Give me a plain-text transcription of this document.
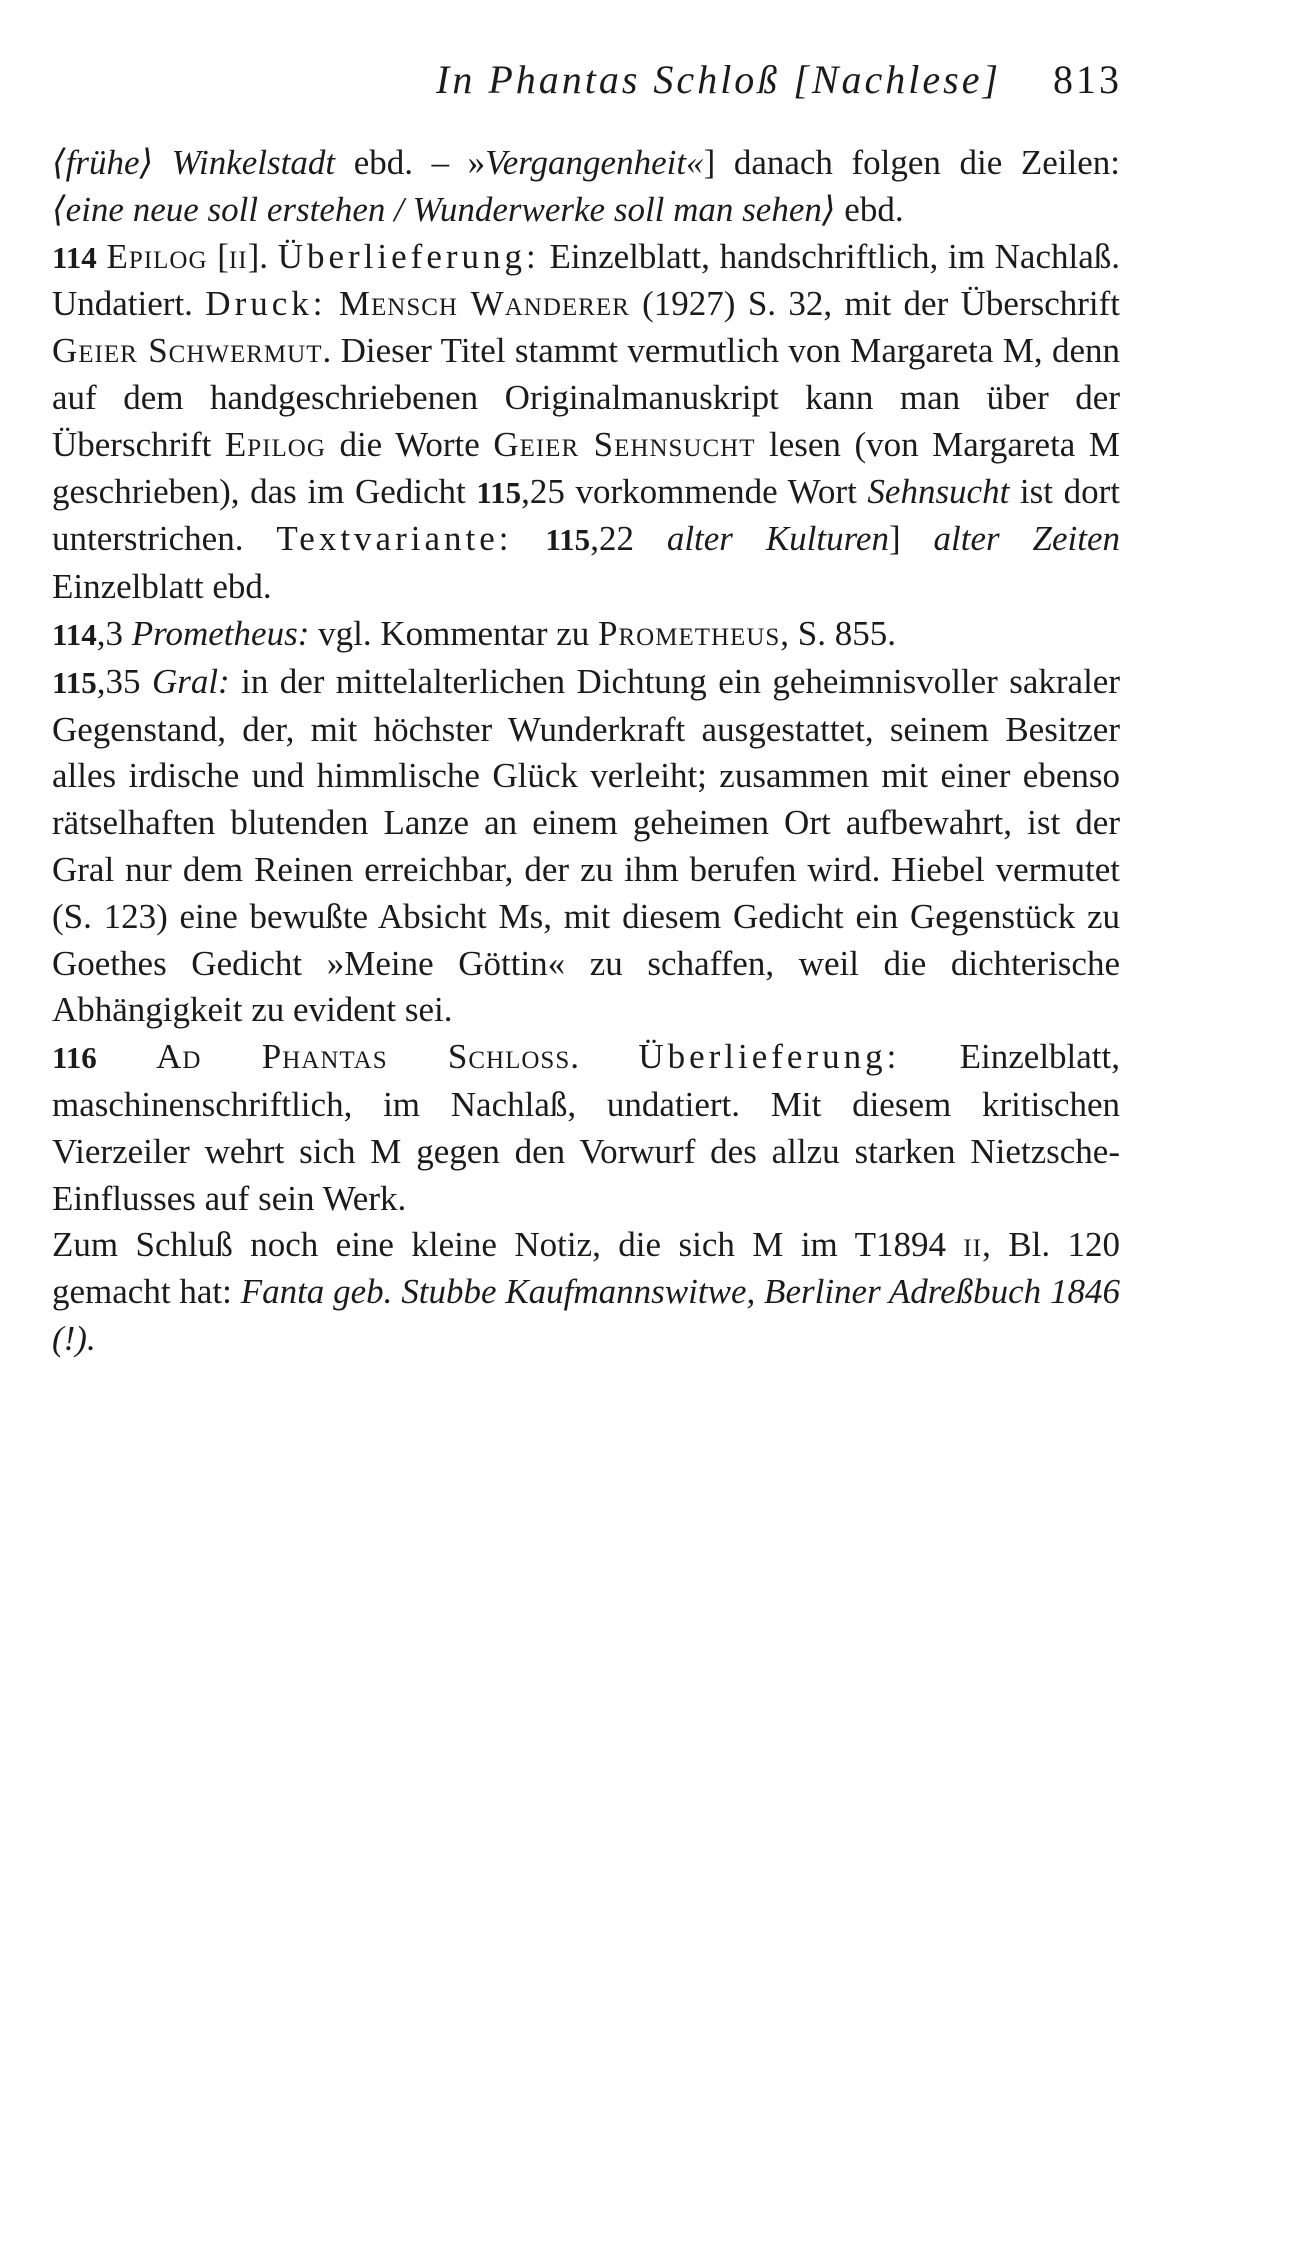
In Phantas Schloß [Nachlese] 813

⟨frühe⟩ Winkelstadt ebd. – »Vergangenheit«] danach folgen die Zeilen: ⟨eine neue soll erstehen / Wunderwerke soll man sehen⟩ ebd.

114 Epilog [ii]. Überlieferung: Einzelblatt, handschriftlich, im Nachlaß. Undatiert. Druck: Mensch Wanderer (1927) S. 32, mit der Überschrift Geier Schwermut. Dieser Titel stammt vermutlich von Margareta M, denn auf dem handgeschriebenen Originalmanuskript kann man über der Überschrift Epilog die Worte Geier Sehnsucht lesen (von Margareta M geschrieben), das im Gedicht 115,25 vorkommende Wort Sehnsucht ist dort unterstrichen. Textvariante: 115,22 alter Kulturen] alter Zeiten Einzelblatt ebd.

114,3 Prometheus: vgl. Kommentar zu Prometheus, S. 855.

115,35 Gral: in der mittelalterlichen Dichtung ein geheimnisvoller sakraler Gegenstand, der, mit höchster Wunderkraft ausgestattet, seinem Besitzer alles irdische und himmlische Glück verleiht; zusammen mit einer ebenso rätselhaften blutenden Lanze an einem geheimen Ort aufbewahrt, ist der Gral nur dem Reinen erreichbar, der zu ihm berufen wird. Hiebel vermutet (S. 123) eine bewußte Absicht Ms, mit diesem Gedicht ein Gegenstück zu Goethes Gedicht »Meine Göttin« zu schaffen, weil die dichterische Abhängigkeit zu evident sei.

116 Ad Phantas Schloss. Überlieferung: Einzelblatt, maschinenschriftlich, im Nachlaß, undatiert. Mit diesem kritischen Vierzeiler wehrt sich M gegen den Vorwurf des allzu starken Nietzsche-Einflusses auf sein Werk.

Zum Schluß noch eine kleine Notiz, die sich M im T1894 ii, Bl. 120 gemacht hat: Fanta geb. Stubbe Kaufmannswitwe, Berliner Adreßbuch 1846 (!).
